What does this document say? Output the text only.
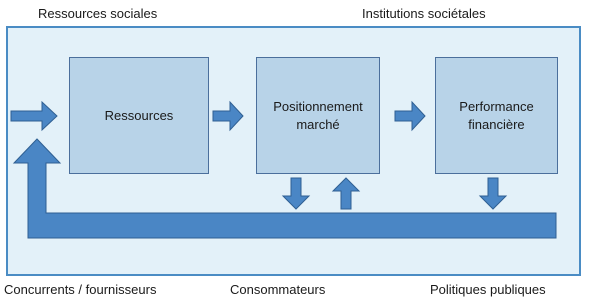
Ressources sociales	Institutions sociétales
Ressources
Positionnement
marché
Performance
financière
Concurrents / fournisseurs	Consommateurs	Politiques publiques
